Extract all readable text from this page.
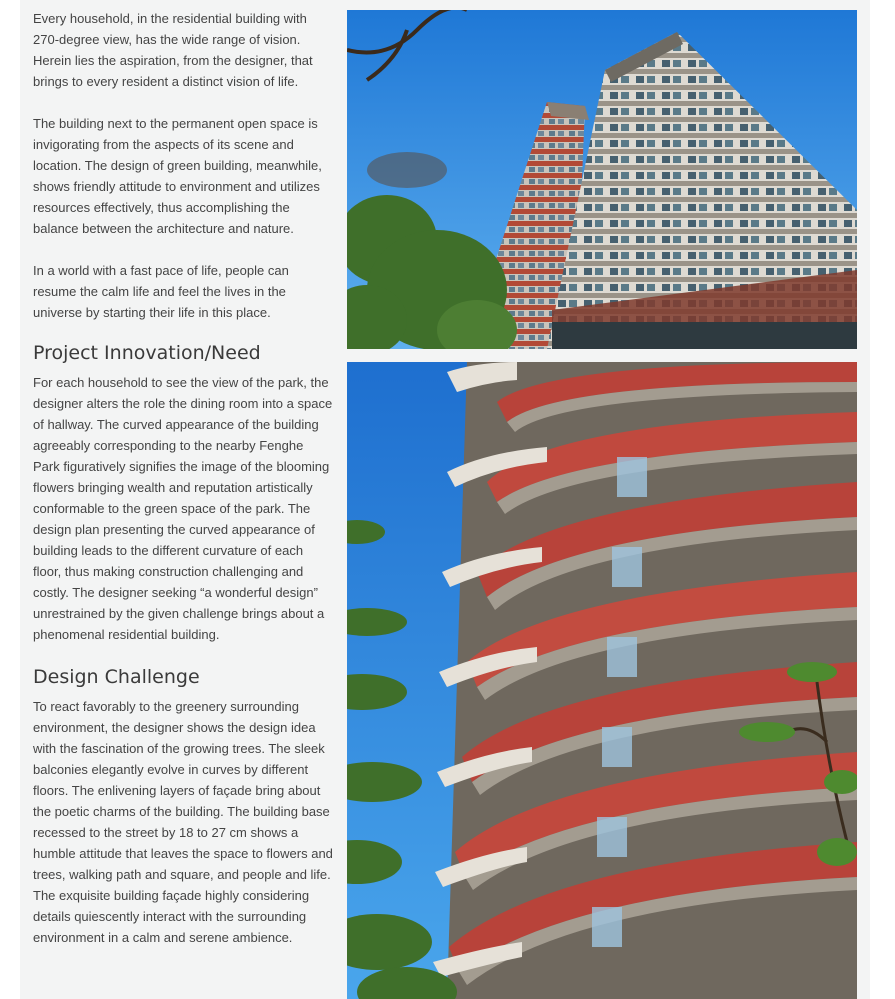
Every household, in the residential building with 270-degree view, has the wide range of vision. Herein lies the aspiration, from the designer, that brings to every resident a distinct vision of life.

The building next to the permanent open space is invigorating from the aspects of its scene and location. The design of green building, meanwhile, shows friendly attitude to environment and utilizes resources effectively, thus accomplishing the balance between the architecture and nature.

In a world with a fast pace of life, people can resume the calm life and feel the lives in the universe by starting their life in this place.

Project Innovation/Need

For each household to see the view of the park, the designer alters the role the dining room into a space of hallway. The curved appearance of the building agreeably corresponding to the nearby Fenghe Park figuratively signifies the image of the blooming flowers bringing wealth and reputation artistically conformable to the green space of the park. The design plan presenting the curved appearance of building leads to the different curvature of each floor, thus making construction challenging and costly. The designer seeking “a wonderful design” unrestrained by the given challenge brings about a phenomenal residential building.

Design Challenge

To react favorably to the greenery surrounding environment, the designer shows the design idea with the fascination of the growing trees. The sleek balconies elegantly evolve in curves by different floors. The enlivening layers of façade bring about the poetic charms of the building. The building base recessed to the street by 18 to 27 cm shows a humble attitude that leaves the space to flowers and trees, walking path and square, and people and life. The exquisite building façade highly considering details quiescently interact with the surrounding environment in a calm and serene ambience.
